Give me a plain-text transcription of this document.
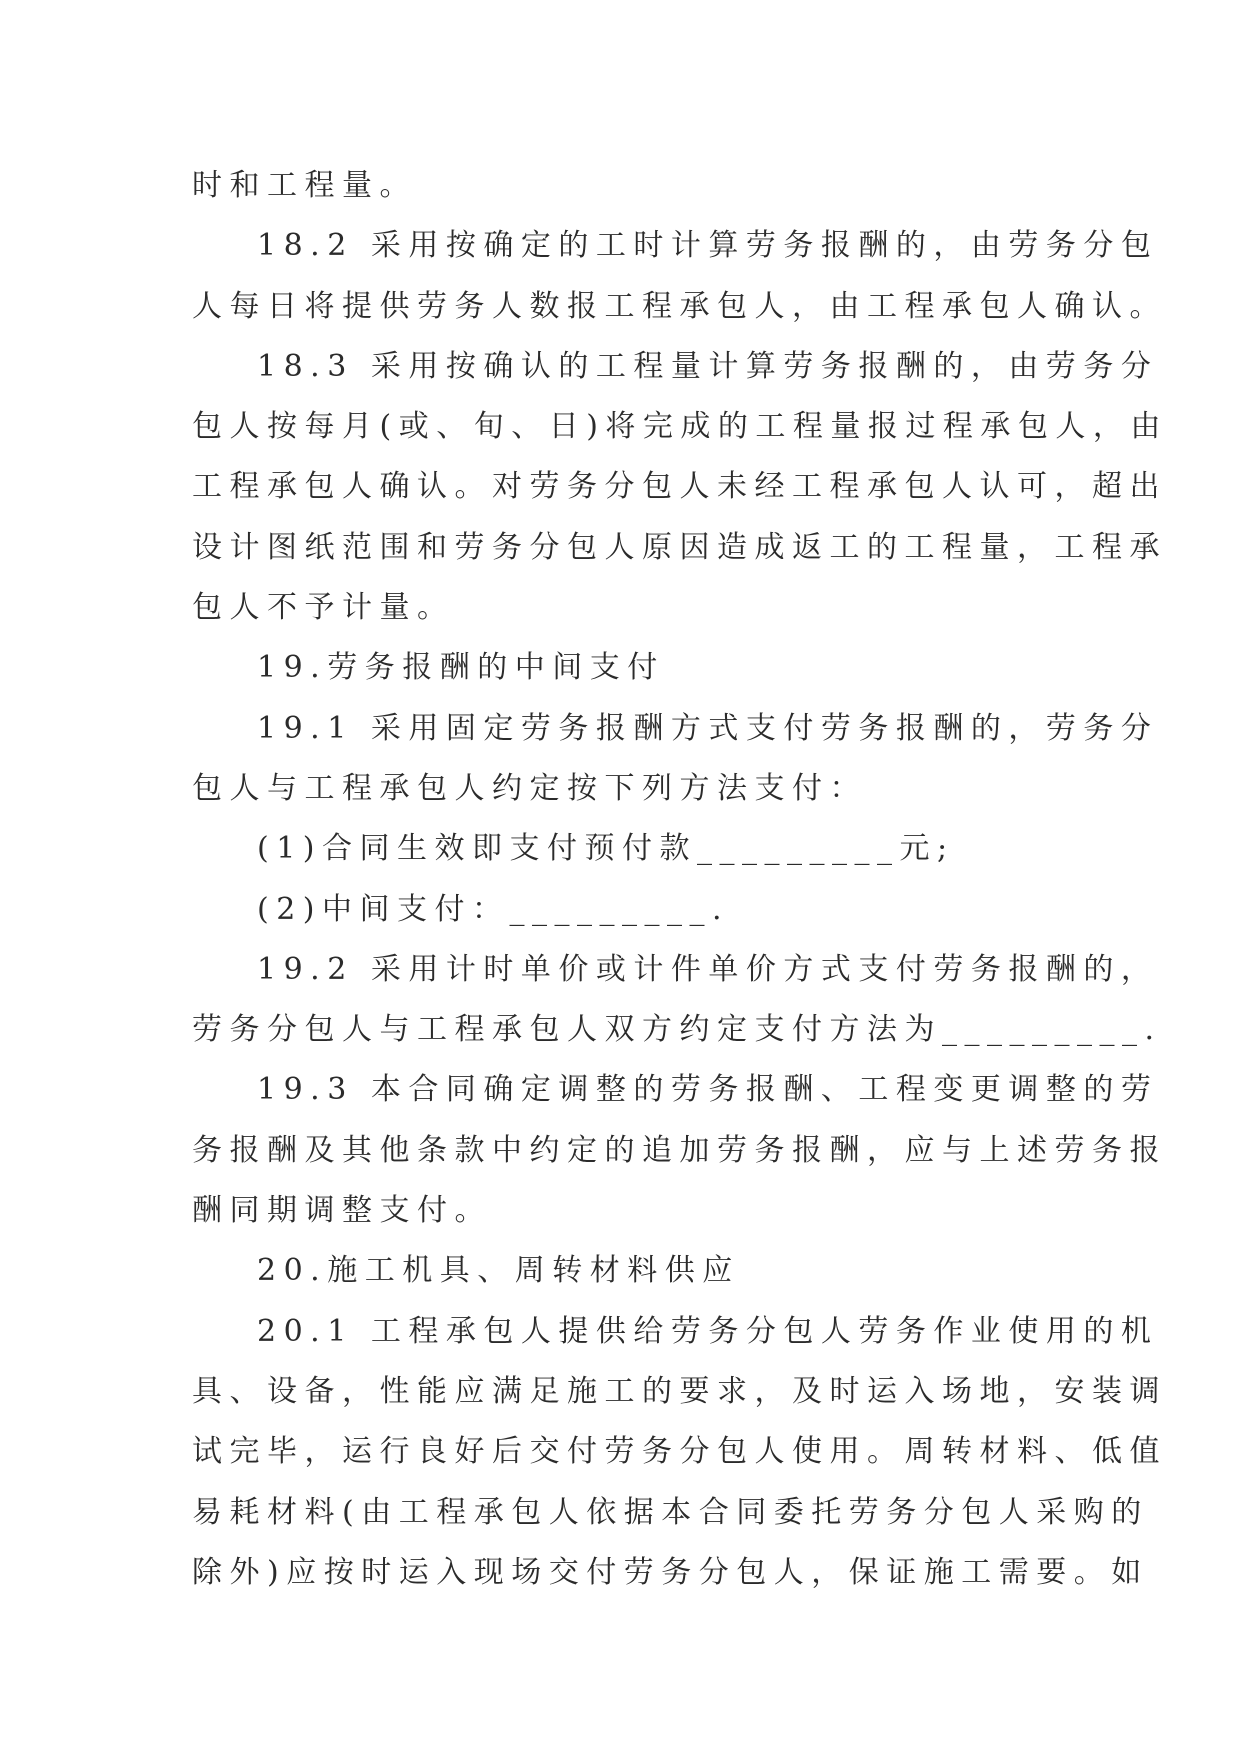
时和工程量。
18.2 采用按确定的工时计算劳务报酬的，由劳务分包
人每日将提供劳务人数报工程承包人，由工程承包人确认。
18.3 采用按确认的工程量计算劳务报酬的，由劳务分
包人按每月(或、旬、日)将完成的工程量报过程承包人，由
工程承包人确认。对劳务分包人未经工程承包人认可，超出
设计图纸范围和劳务分包人原因造成返工的工程量，工程承
包人不予计量。
19.劳务报酬的中间支付
19.1 采用固定劳务报酬方式支付劳务报酬的，劳务分
包人与工程承包人约定按下列方法支付：
(1)合同生效即支付预付款_________元;
(2)中间支付：_________.
19.2 采用计时单价或计件单价方式支付劳务报酬的，
劳务分包人与工程承包人双方约定支付方法为_________.
19.3 本合同确定调整的劳务报酬、工程变更调整的劳
务报酬及其他条款中约定的追加劳务报酬，应与上述劳务报
酬同期调整支付。
20.施工机具、周转材料供应
20.1 工程承包人提供给劳务分包人劳务作业使用的机
具、设备，性能应满足施工的要求，及时运入场地，安装调
试完毕，运行良好后交付劳务分包人使用。周转材料、低值
易耗材料(由工程承包人依据本合同委托劳务分包人采购的
除外)应按时运入现场交付劳务分包人，保证施工需要。如
